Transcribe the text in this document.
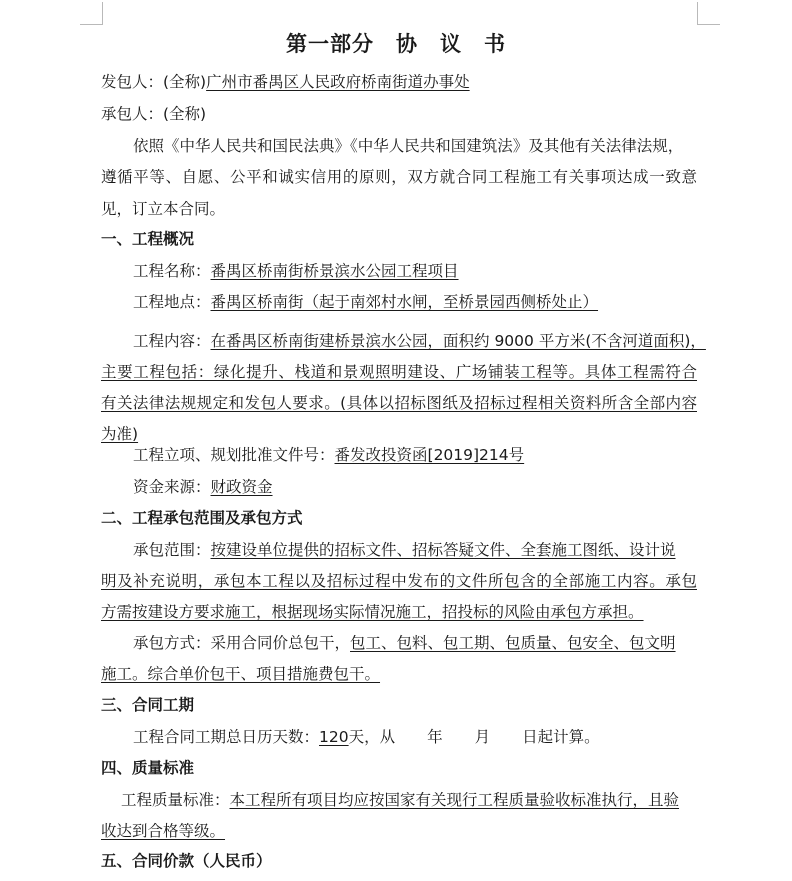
第一部分　协　议　书
发包人：(全称)广州市番禺区人民政府桥南街道办事处
承包人：(全称)
依照《中华人民共和国民法典》《中华人民共和国建筑法》及其他有关法律法规，
遵循平等、自愿、公平和诚实信用的原则，双方就合同工程施工有关事项达成一致意
见，订立本合同。
一、工程概况
工程名称：番禺区桥南街桥景滨水公园工程项目
工程地点：番禺区桥南街（起于南郊村水闸，至桥景园西侧桥处止）
工程内容：在番禺区桥南街建桥景滨水公园，面积约 9000 平方米(不含河道面积)，
主要工程包括：绿化提升、栈道和景观照明建设、广场铺装工程等。具体工程需符合
有关法律法规规定和发包人要求。(具体以招标图纸及招标过程相关资料所含全部内容
为准)
工程立项、规划批准文件号：番发改投资函[2019]214号
资金来源：财政资金
二、工程承包范围及承包方式
承包范围：按建设单位提供的招标文件、招标答疑文件、全套施工图纸、设计说
明及补充说明，承包本工程以及招标过程中发布的文件所包含的全部施工内容。承包
方需按建设方要求施工，根据现场实际情况施工，招投标的风险由承包方承担。
承包方式：采用合同价总包干，包工、包料、包工期、包质量、包安全、包文明
施工。综合单价包干、项目措施费包干。
三、合同工期
工程合同工期总日历天数：120天，从 年 月 日起计算。
四、质量标准
工程质量标准：本工程所有项目均应按国家有关现行工程质量验收标准执行，且验
收达到合格等级。
五、合同价款（人民币）
